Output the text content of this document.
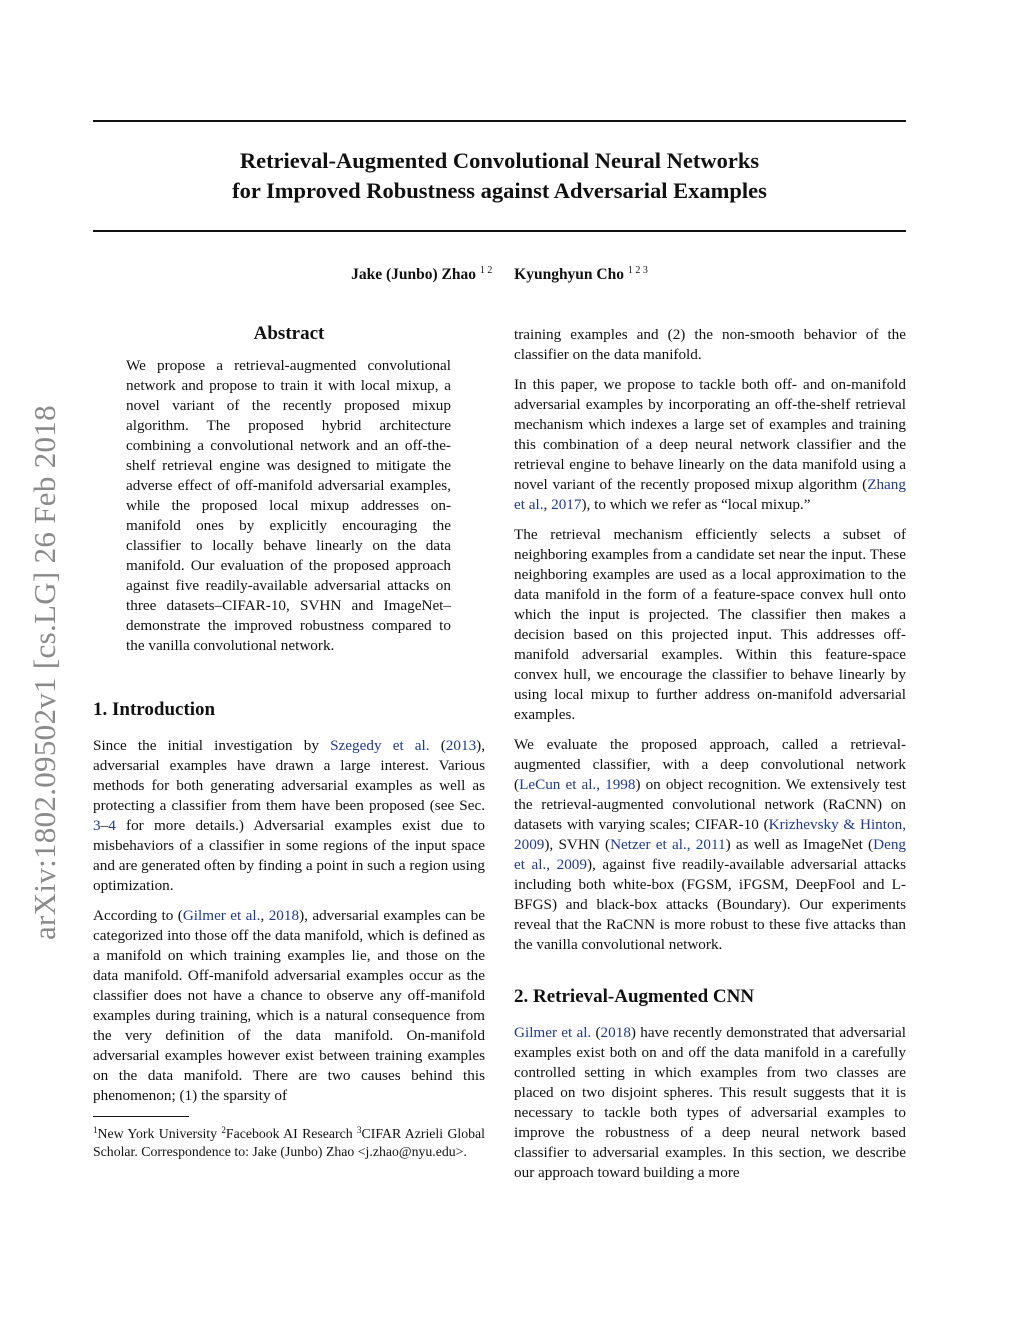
Retrieval-Augmented Convolutional Neural Networks
for Improved Robustness against Adversarial Examples
Jake (Junbo) Zhao $^{1 2}$ Kyunghyun Cho $^{1 2 3}$
arXiv:1802.09502v1 [cs.LG] 26 Feb 2018
Abstract
We propose a retrieval-augmented convolutional network and propose to train it with local mixup, a novel variant of the recently proposed mixup algorithm. The proposed hybrid architecture combining a convolutional network and an off-the-shelf retrieval engine was designed to mitigate the adverse effect of off-manifold adversarial examples, while the proposed local mixup addresses on-manifold ones by explicitly encouraging the classifier to locally behave linearly on the data manifold. Our evaluation of the proposed approach against five readily-available adversarial attacks on three datasets–CIFAR-10, SVHN and ImageNet– demonstrate the improved robustness compared to the vanilla convolutional network.
1. Introduction

Since the initial investigation by Szegedy et al. (2013), adversarial examples have drawn a large interest. Various methods for both generating adversarial examples as well as protecting a classifier from them have been proposed (see Sec. 3–4 for more details.) Adversarial examples exist due to misbehaviors of a classifier in some regions of the input space and are generated often by finding a point in such a region using optimization.

According to (Gilmer et al., 2018), adversarial examples can be categorized into those off the data manifold, which is defined as a manifold on which training examples lie, and those on the data manifold. Off-manifold adversarial examples occur as the classifier does not have a chance to observe any off-manifold examples during training, which is a natural consequence from the very definition of the data manifold. On-manifold adversarial examples however exist between training examples on the data manifold. There are two causes behind this phenomenon; (1) the sparsity of

$^1$New York University $^2$Facebook AI Research $^3$CIFAR Azrieli Global Scholar. Correspondence to: Jake (Junbo) Zhao <j.zhao@nyu.edu>.

training examples and (2) the non-smooth behavior of the classifier on the data manifold.

In this paper, we propose to tackle both off- and on-manifold adversarial examples by incorporating an off-the-shelf retrieval mechanism which indexes a large set of examples and training this combination of a deep neural network classifier and the retrieval engine to behave linearly on the data manifold using a novel variant of the recently proposed mixup algorithm (Zhang et al., 2017), to which we refer as “local mixup.”

The retrieval mechanism efficiently selects a subset of neighboring examples from a candidate set near the input. These neighboring examples are used as a local approximation to the data manifold in the form of a feature-space convex hull onto which the input is projected. The classifier then makes a decision based on this projected input. This addresses off-manifold adversarial examples. Within this feature-space convex hull, we encourage the classifier to behave linearly by using local mixup to further address on-manifold adversarial examples.

We evaluate the proposed approach, called a retrieval-augmented classifier, with a deep convolutional network (LeCun et al., 1998) on object recognition. We extensively test the retrieval-augmented convolutional network (RaCNN) on datasets with varying scales; CIFAR-10 (Krizhevsky & Hinton, 2009), SVHN (Netzer et al., 2011) as well as ImageNet (Deng et al., 2009), against five readily-available adversarial attacks including both white-box (FGSM, iFGSM, DeepFool and L-BFGS) and black-box attacks (Boundary). Our experiments reveal that the RaCNN is more robust to these five attacks than the vanilla convolutional network.

2. Retrieval-Augmented CNN

Gilmer et al. (2018) have recently demonstrated that adversarial examples exist both on and off the data manifold in a carefully controlled setting in which examples from two classes are placed on two disjoint spheres. This result suggests that it is necessary to tackle both types of adversarial examples to improve the robustness of a deep neural network based classifier to adversarial examples. In this section, we describe our approach toward building a more
